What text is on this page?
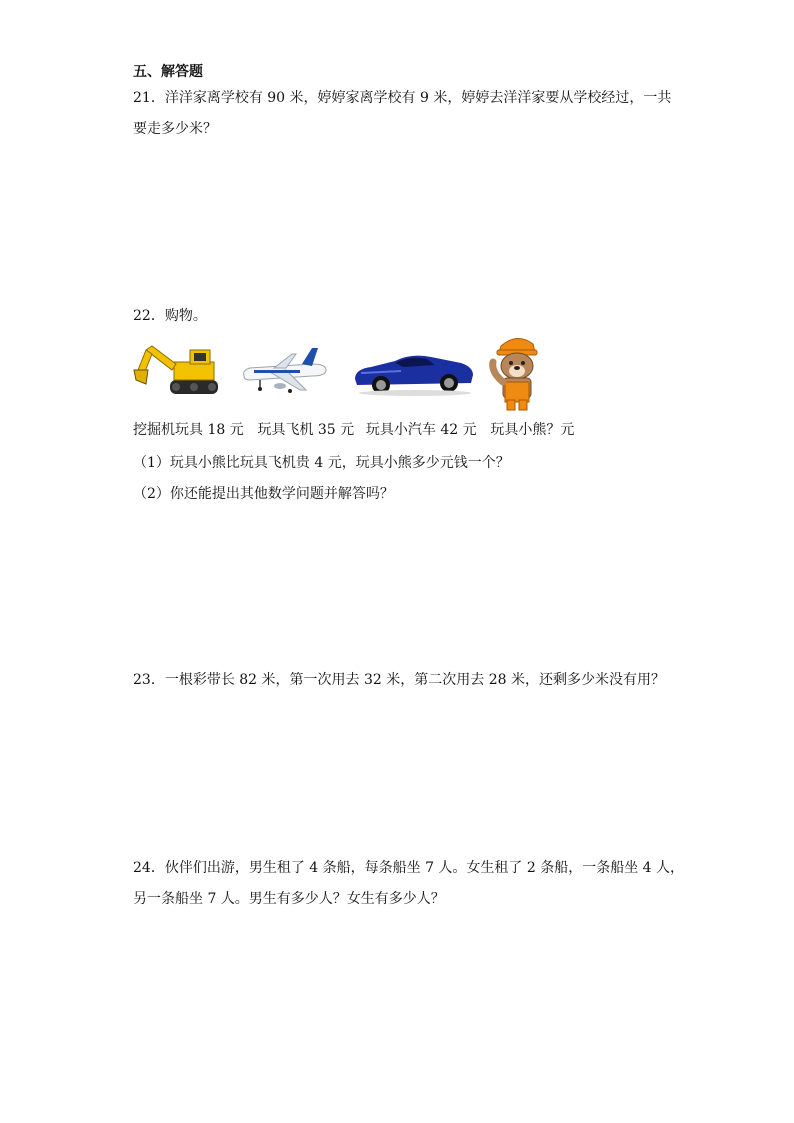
五、解答题
21．洋洋家离学校有 90 米，婷婷家离学校有 9 米，婷婷去洋洋家要从学校经过，一共
要走多少米？
22．购物。
挖掘机玩具 18 元 玩具飞机 35 元 玩具小汽车 42 元 玩具小熊？元
（1）玩具小熊比玩具飞机贵 4 元，玩具小熊多少元钱一个？
（2）你还能提出其他数学问题并解答吗？
23．一根彩带长 82 米，第一次用去 32 米，第二次用去 28 米，还剩多少米没有用？
24．伙伴们出游，男生租了 4 条船，每条船坐 7 人。女生租了 2 条船，一条船坐 4 人，
另一条船坐 7 人。男生有多少人？女生有多少人？
